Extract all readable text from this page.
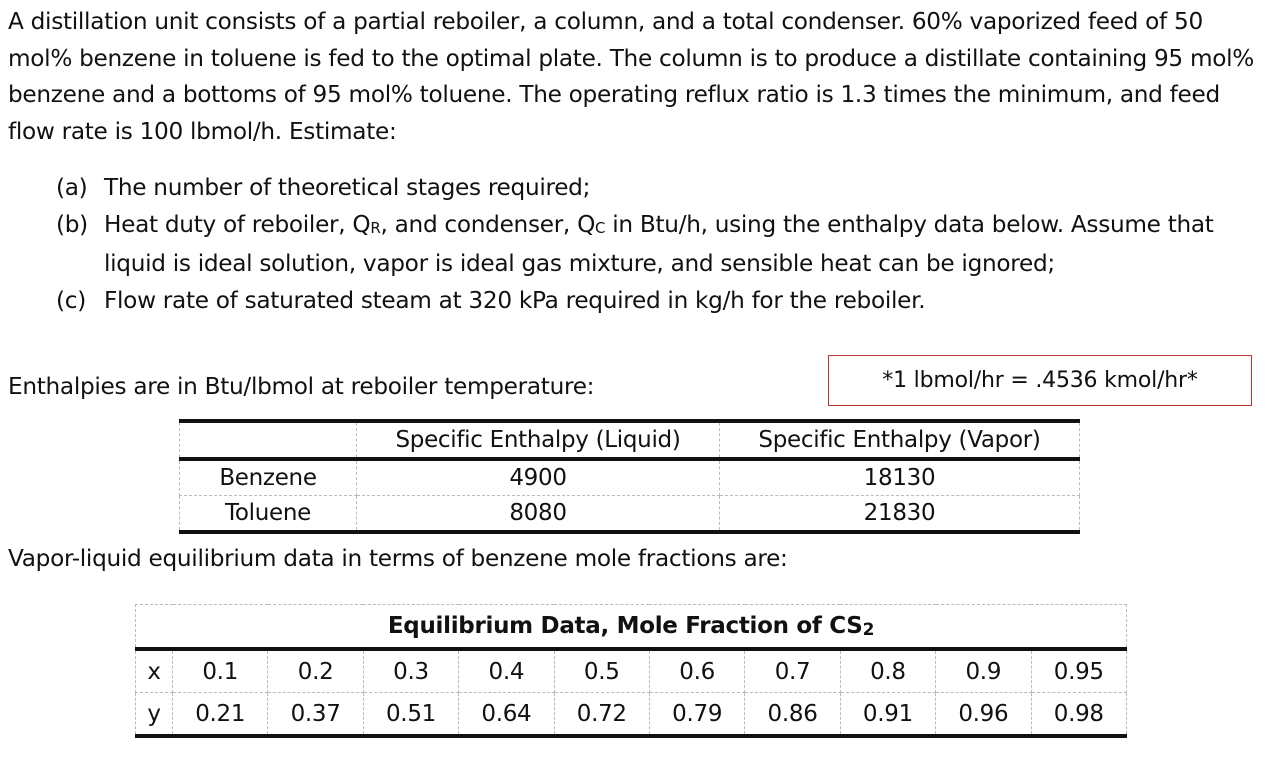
A distillation unit consists of a partial reboiler, a column, and a total condenser. 60% vaporized feed of 50 mol% benzene in toluene is fed to the optimal plate. The column is to produce a distillate containing 95 mol% benzene and a bottoms of 95 mol% toluene. The operating reflux ratio is 1.3 times the minimum, and feed flow rate is 100 lbmol/h. Estimate:
(a) The number of theoretical stages required;
(b) Heat duty of reboiler, $Q_R$, and condenser, $Q_C$ in Btu/h, using the enthalpy data below. Assume that liquid is ideal solution, vapor is ideal gas mixture, and sensible heat can be ignored;
(c) Flow rate of saturated steam at 320 kPa required in kg/h for the reboiler.
*1 lbmol/hr = .4536 kmol/hr*
Enthalpies are in Btu/lbmol at reboiler temperature:
	Specific Enthalpy (Liquid)	Specific Enthalpy (Vapor)
Benzene	4900	18130
Toluene	8080	21830
Vapor-liquid equilibrium data in terms of benzene mole fractions are:
Equilibrium Data, Mole Fraction of $CS_2$
x	0.1	0.2	0.3	0.4	0.5	0.6	0.7	0.8	0.9	0.95
y	0.21	0.37	0.51	0.64	0.72	0.79	0.86	0.91	0.96	0.98
